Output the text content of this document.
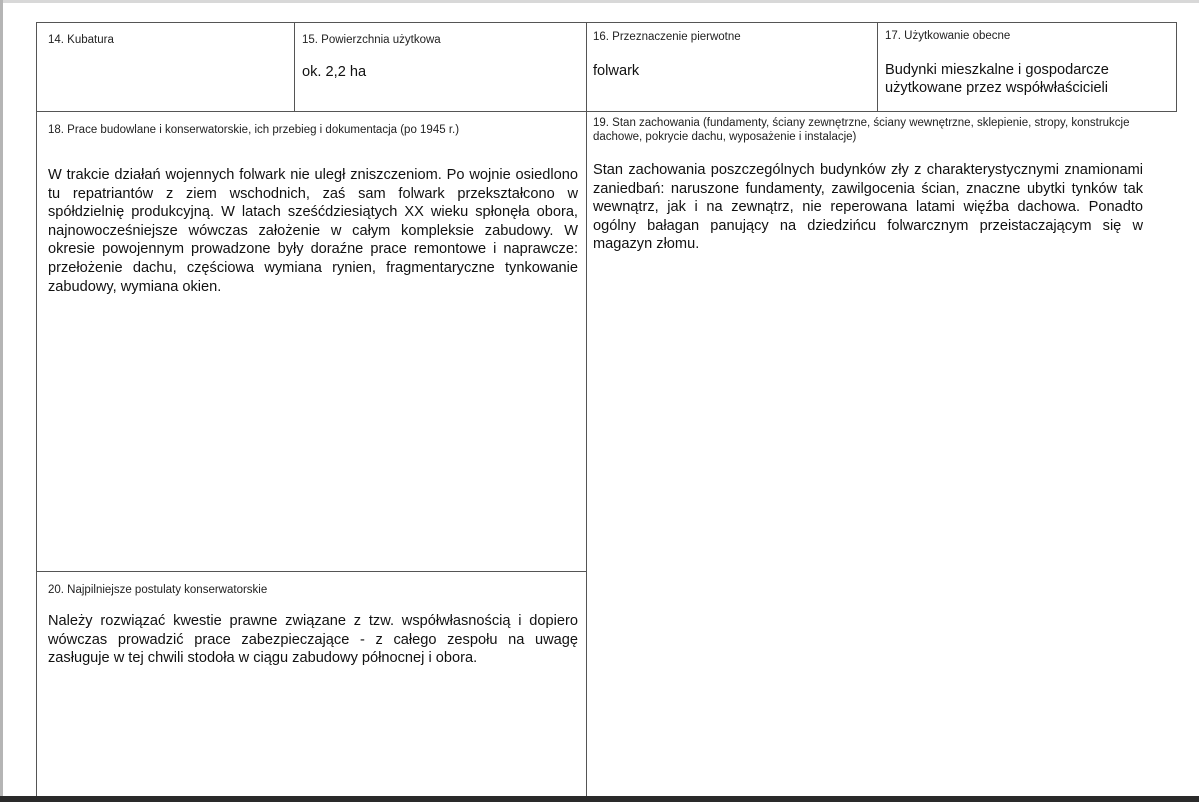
14. Kubatura	15. Powierzchnia użytkowa
ok. 2,2 ha
16. Przeznaczenie pierwotne
folwark
17. Użytkowanie obecne
Budynki mieszkalne i gospodarcze użytkowane przez współwłaścicieli
18. Prace budowlane i konserwatorskie, ich przebieg i dokumentacja (po 1945 r.)

W trakcie działań wojennych folwark nie uległ zniszczeniom. Po wojnie osiedlono tu repatriantów z ziem wschodnich, zaś sam folwark przekształcono w spółdzielnię produkcyjną. W latach sześćdziesiątych XX wieku spłonęła obora, najnowocześniejsze wówczas założenie w całym kompleksie zabudowy. W okresie powojennym prowadzone były doraźne prace remontowe i naprawcze: przełożenie dachu, częściowa wymiana rynien, fragmentaryczne tynkowanie zabudowy, wymiana okien.

19. Stan zachowania (fundamenty, ściany zewnętrzne, ściany wewnętrzne, sklepienie, stropy, konstrukcje dachowe, pokrycie dachu, wyposażenie i instalacje)

Stan zachowania poszczególnych budynków zły z charakterystycznymi znamionami zaniedbań: naruszone fundamenty, zawilgocenia ścian, znaczne ubytki tynków tak wewnątrz, jak i na zewnątrz, nie reperowana latami więźba dachowa. Ponadto ogólny bałagan panujący na dziedzińcu folwarcznym przeistaczającym się w magazyn złomu.

20. Najpilniejsze postulaty konserwatorskie

Należy rozwiązać kwestie prawne związane z tzw. współwłasnością i dopiero wówczas prowadzić prace zabezpieczające - z całego zespołu na uwagę zasługuje w tej chwili stodoła w ciągu zabudowy północnej i obora.
